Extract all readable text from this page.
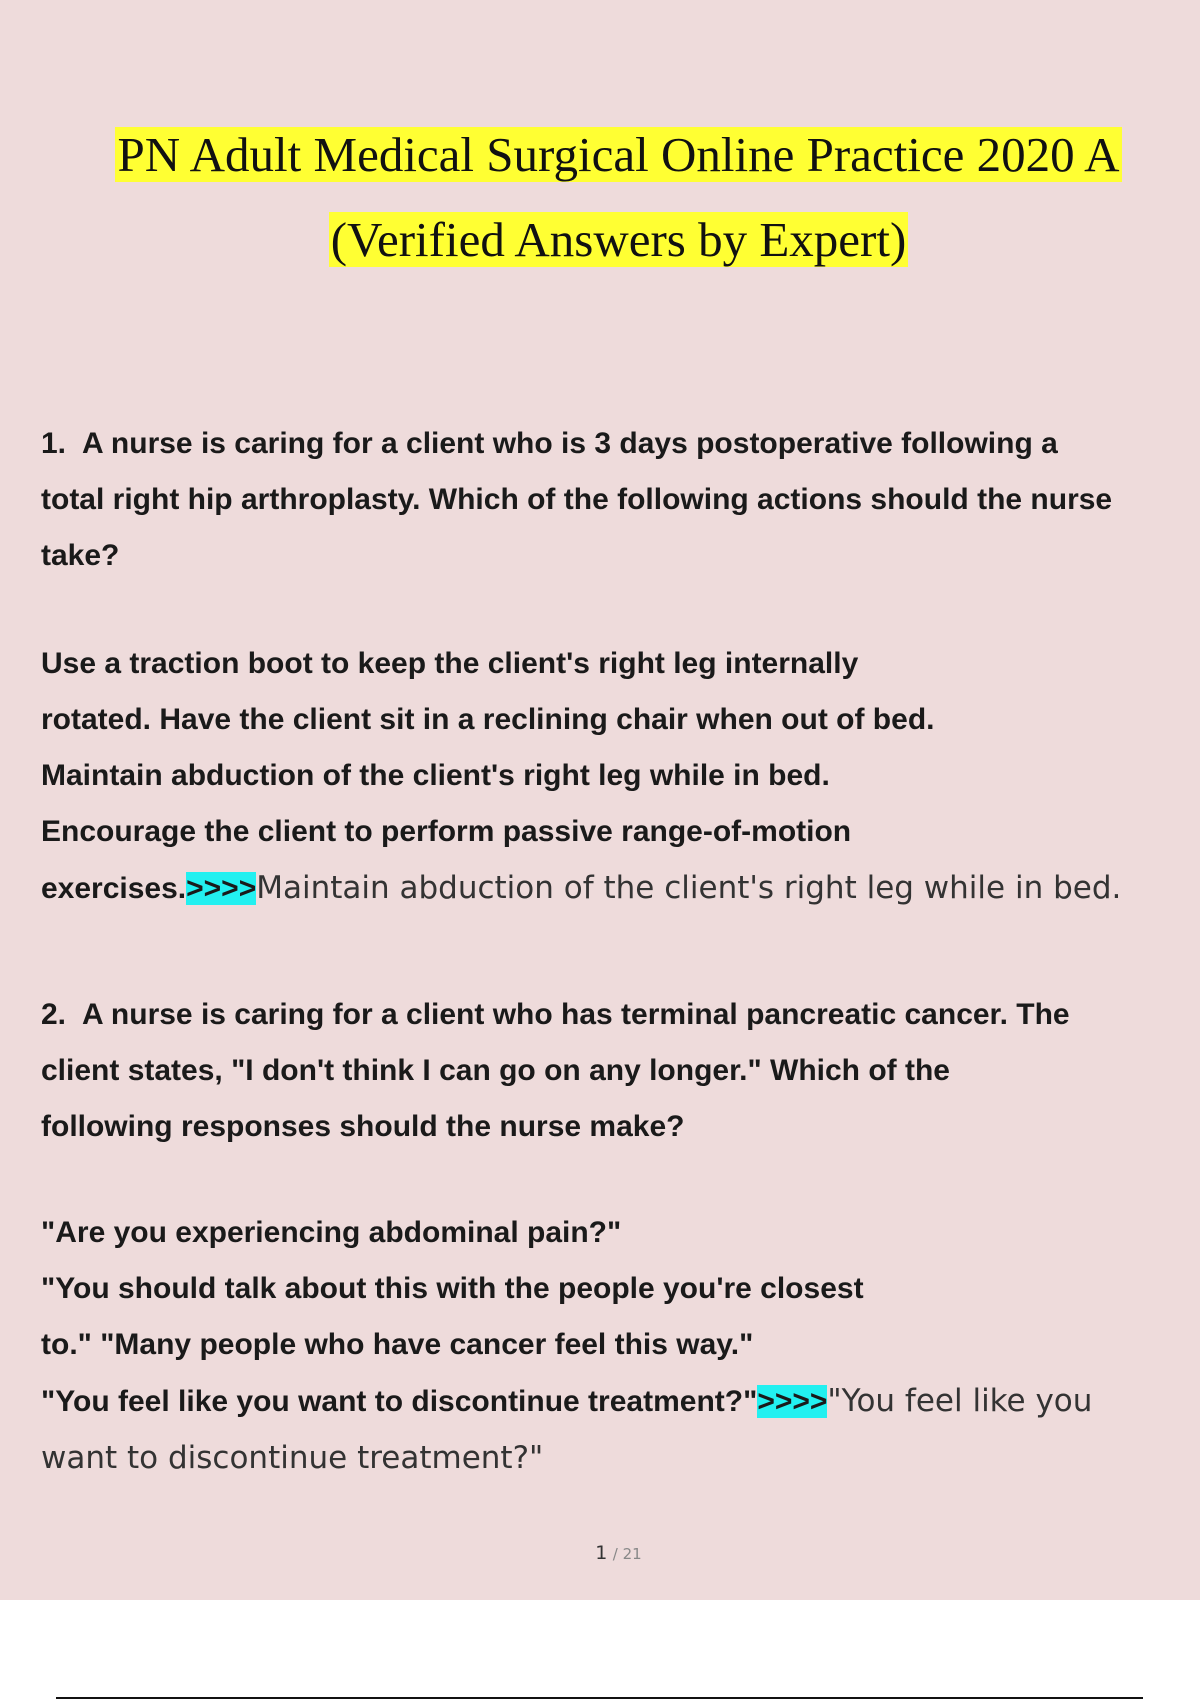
PN Adult Medical Surgical Online Practice 2020 A
(Verified Answers by Expert)
1. A nurse is caring for a client who is 3 days postoperative following a
total right hip arthroplasty. Which of the following actions should the nurse
take?
Use a traction boot to keep the client's right leg internally
rotated. Have the client sit in a reclining chair when out of bed.
Maintain abduction of the client's right leg while in bed.
Encourage the client to perform passive range-of-motion
exercises.>>>>Maintain abduction of the client's right leg while in bed.
2. A nurse is caring for a client who has terminal pancreatic cancer. The
client states, "I don't think I can go on any longer." Which of the
following responses should the nurse make?
"Are you experiencing abdominal pain?"
"You should talk about this with the people you're closest
to." "Many people who have cancer feel this way."
"You feel like you want to discontinue treatment?">>>>"You feel like you
want to discontinue treatment?"
1 / 21
